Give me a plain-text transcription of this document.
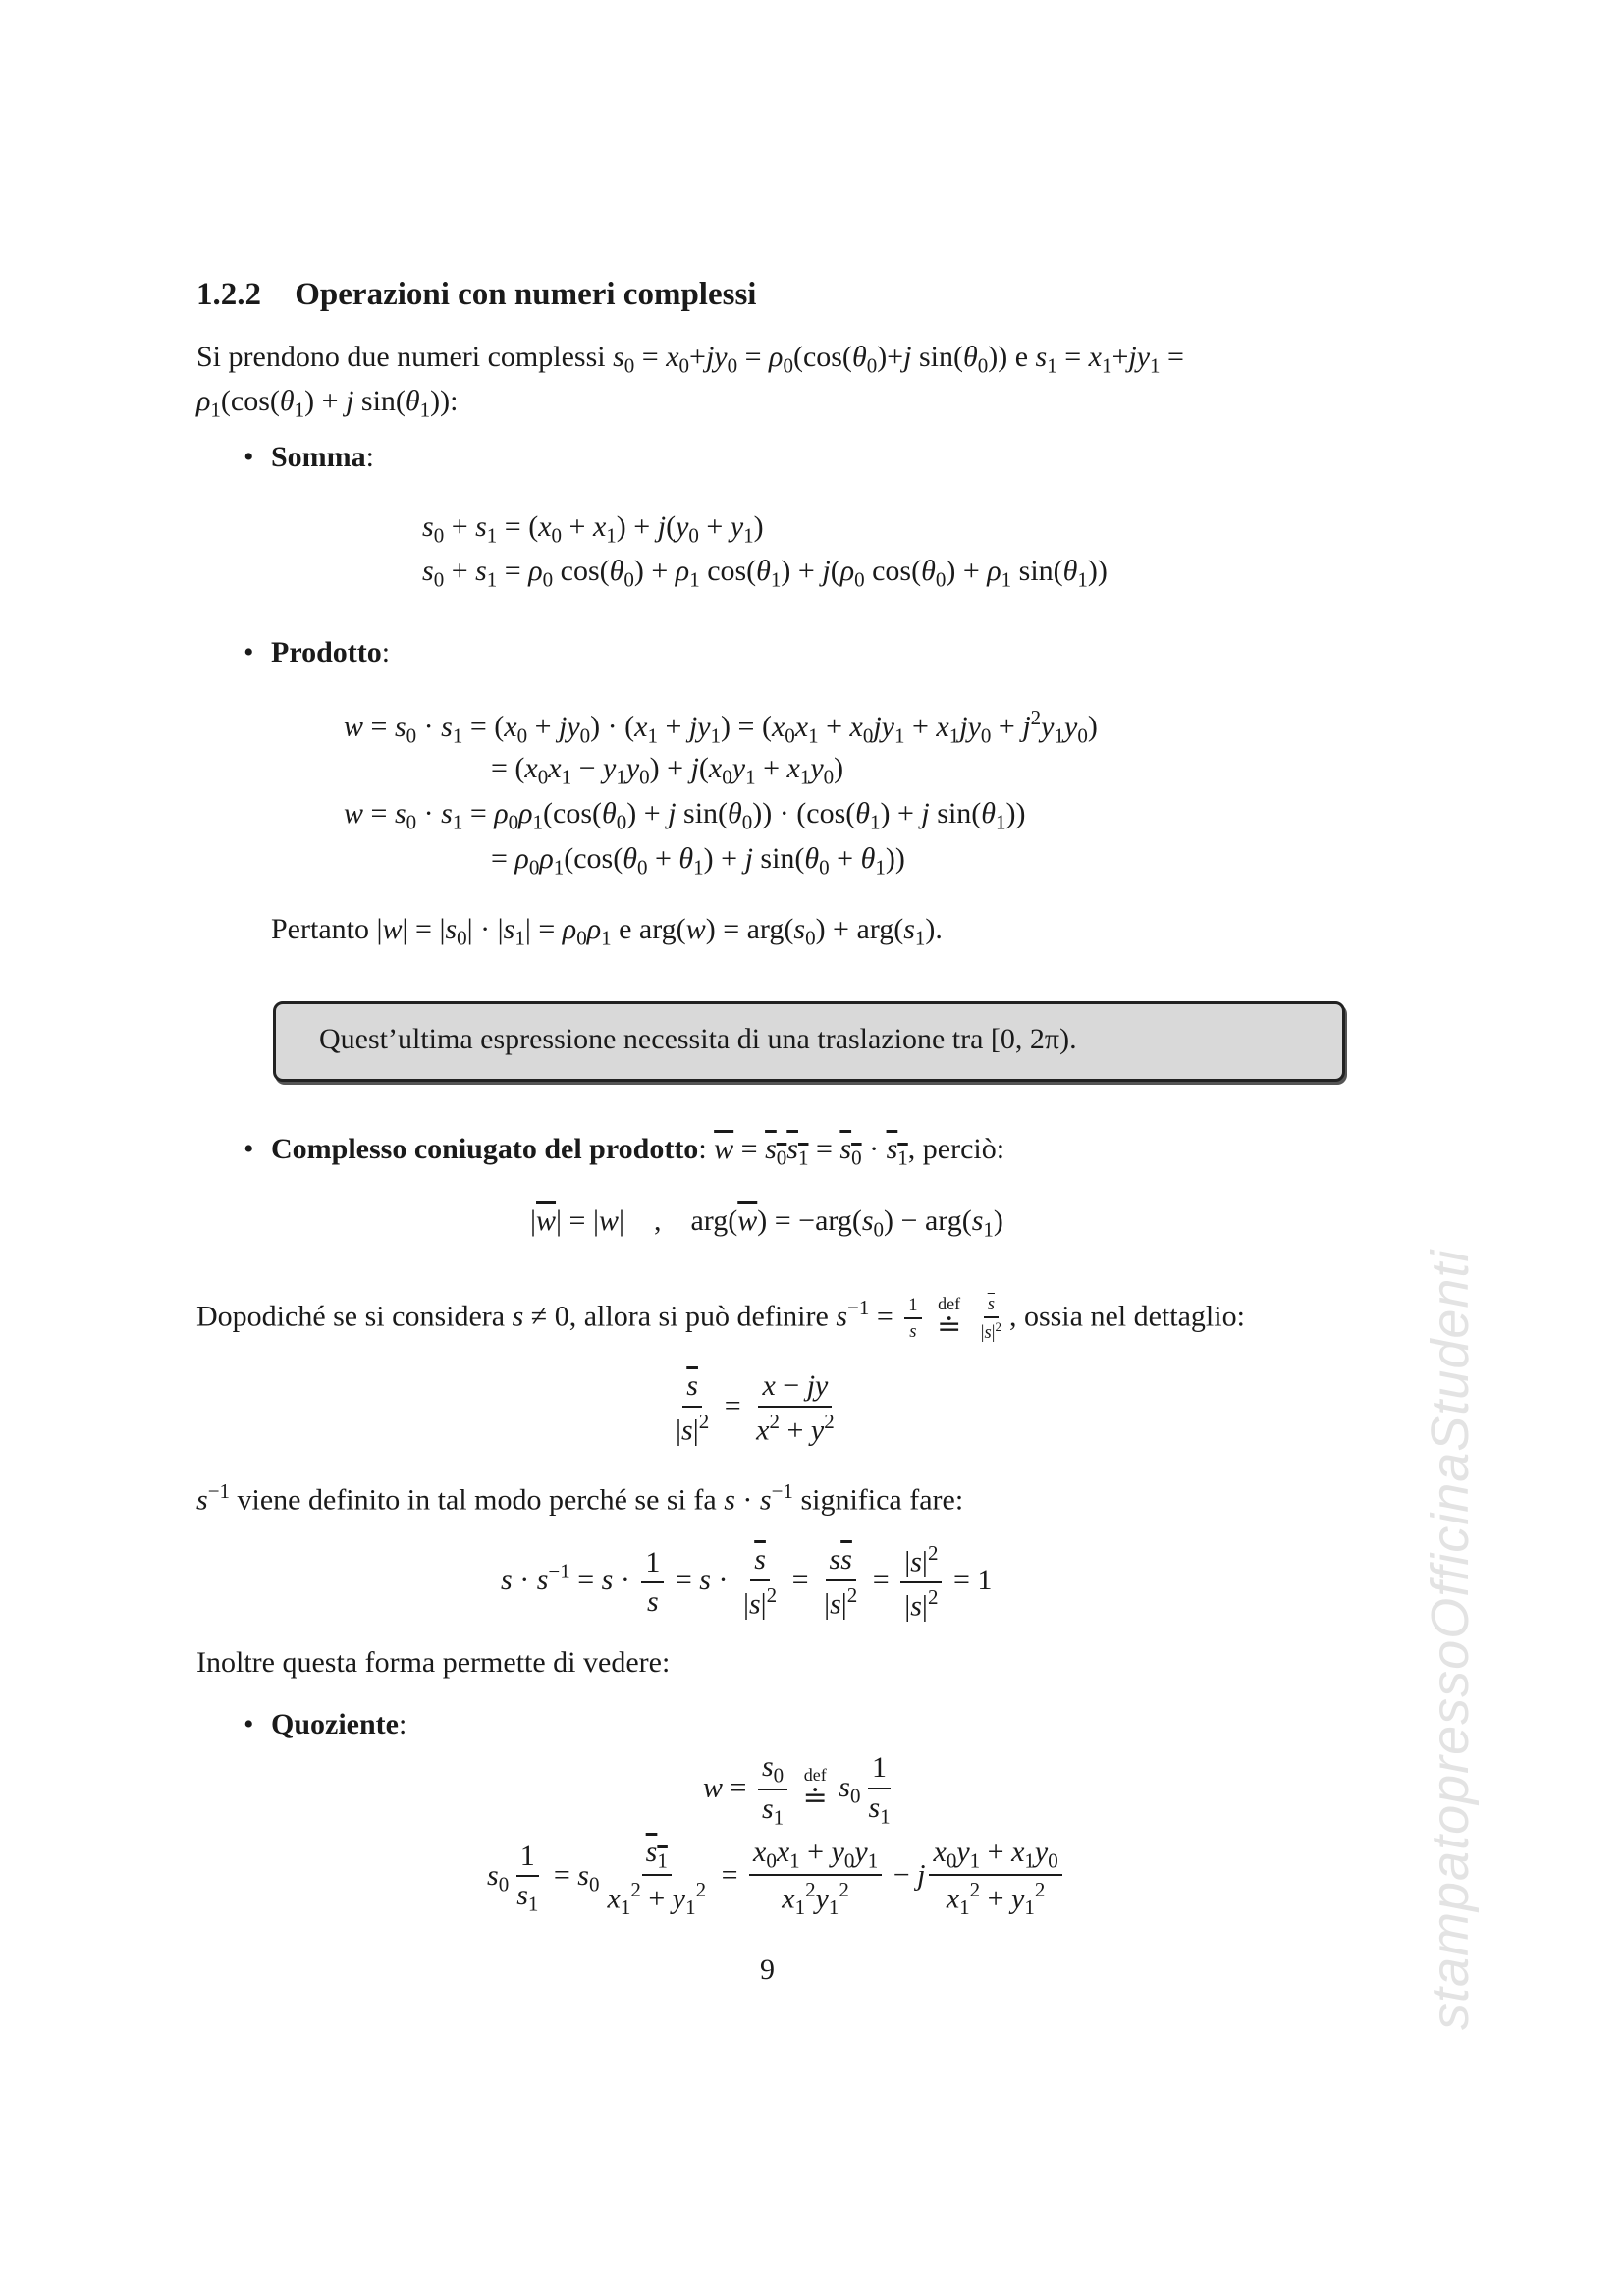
1.2.2 Operazioni con numeri complessi
Si prendono due numeri complessi $s_0 = x_0+jy_0 = \rho_0(\cos(\theta_0)+j$ $\sin(\theta_0)$) e $s_1 = x_1+jy_1$ =
$\rho_1(\cos(\theta_1) + j$ $\sin(\theta_1)$):
• Somma:
$s_0 + s_1 = (x_0 + x_1) + j(y_0 + y_1)$
$s_0 + s_1 = \rho_0$ $\cos(\theta_0) + \rho_1$ $\cos(\theta_1) + j(\rho_0$ $\cos(\theta_0) + \rho_1$ $\sin(\theta_1)$)
• Prodotto:
$w = s_0 \cdot s_1 = (x_0 + jy_0) \cdot (x_1 + jy_1) = (x_0x_1 + x_0jy_1 + x_1jy_0 + j^2y_1y_0)$
= $(x_0x_1 - y_1y_0) + j(x_0y_1 + x_1y_0)$
$w = s_0 \cdot s_1 = \rho_0\rho_1(\cos(\theta_0) + j$ $\sin(\theta_0)) \cdot (\cos(\theta_1) + j$ $\sin(\theta_1)$)
= $\rho_0\rho_1(\cos(\theta_0 + \theta_1) + j$ $\sin(\theta_0 + \theta_1)$)
Pertanto $|w| = |s_0| \cdot |s_1| = \rho_0\rho_1$ e $arg(w) = arg(s_0) + arg(s_1)$.
Quest’ultima espressione necessita di una traslazione tra [0, 2π).
• Complesso coniugato del prodotto: $\overline{w} = s_0s_1 = s_0 \cdot s_1$, perciò:
$|\overline{w}| = |w|$    ,    $arg(\overline{w}) = -arg(s_0) - arg(s_1)$
Dopodiché se si considera s ≠ 0, allora si può definire $s^{-1} = \frac{1}{s}$
def
≐
$\frac{\overline{s}}{|s|^2}$ , ossia nel dettaglio:
$\frac{\overline{s}}{|s|^2} = \frac{x - jy}{x^2 + y^2}$
$s^{-1}$ viene definito in tal modo perché se si fa $s \cdot s^{-1}$ significa fare:
$s \cdot s^{-1} = s \cdot \frac{1}{s} = s \cdot \frac{\overline{s}}{|s|^2} = \frac{s\overline{s}}{|s|^2} = \frac{|s|^2}{|s|^2} = 1$
Inoltre questa forma permette di vedere:
• Quoziente:
$w = \frac{s_0}{s_1}$
def
≐ $s_0 \frac{1}{s_1}$
$s_0 \frac{1}{s_1} = s_0 \frac{s_1}{x_1^2 + y_1^2} = \frac{x_0x_1 + y_0y_1}{x_1^2y_1^2} - j \frac{x_0y_1 + x_1y_0}{x_1^2 + y_1^2}$
9	stampatopressoOfficinaStudenti
